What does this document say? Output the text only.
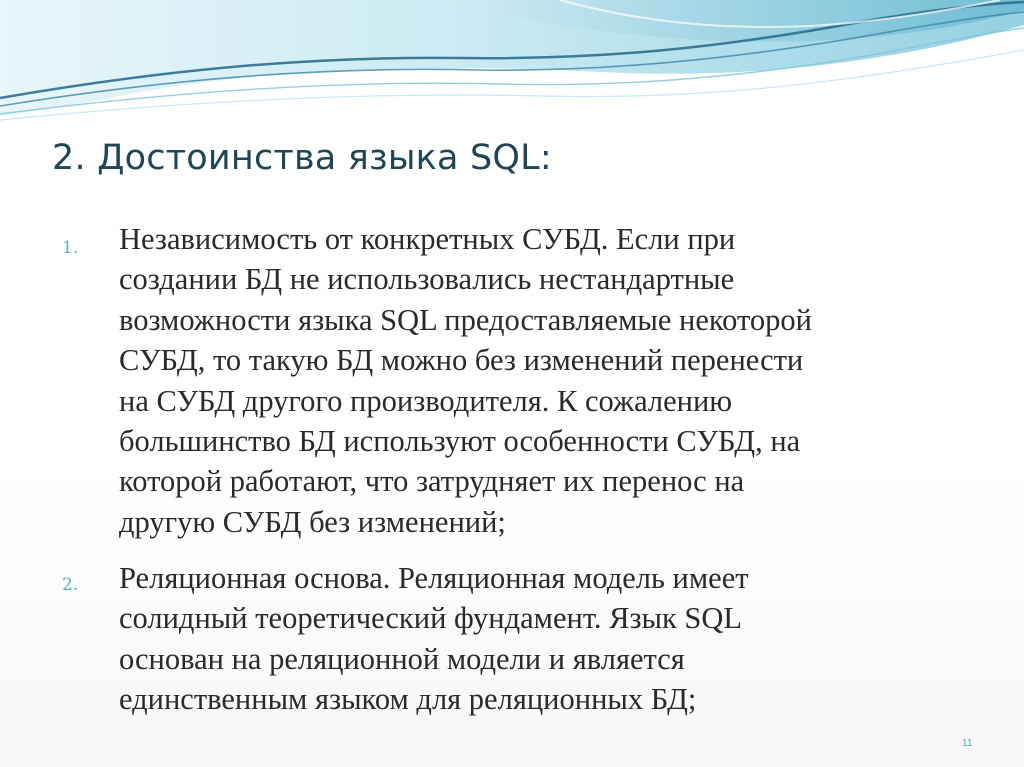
2. Достоинства языка SQL:
1. Независимость от конкретных СУБД. Если при
создании БД не использовались нестандартные
возможности языка SQL предоставляемые некоторой
СУБД, то такую БД можно без изменений перенести
на СУБД другого производителя. К сожалению
большинство БД используют особенности СУБД, на
которой работают, что затрудняет их перенос на
другую СУБД без изменений;

2. Реляционная основа. Реляционная модель имеет
солидный теоретический фундамент. Язык SQL
основан на реляционной модели и является
единственным языком для реляционных БД;

11
